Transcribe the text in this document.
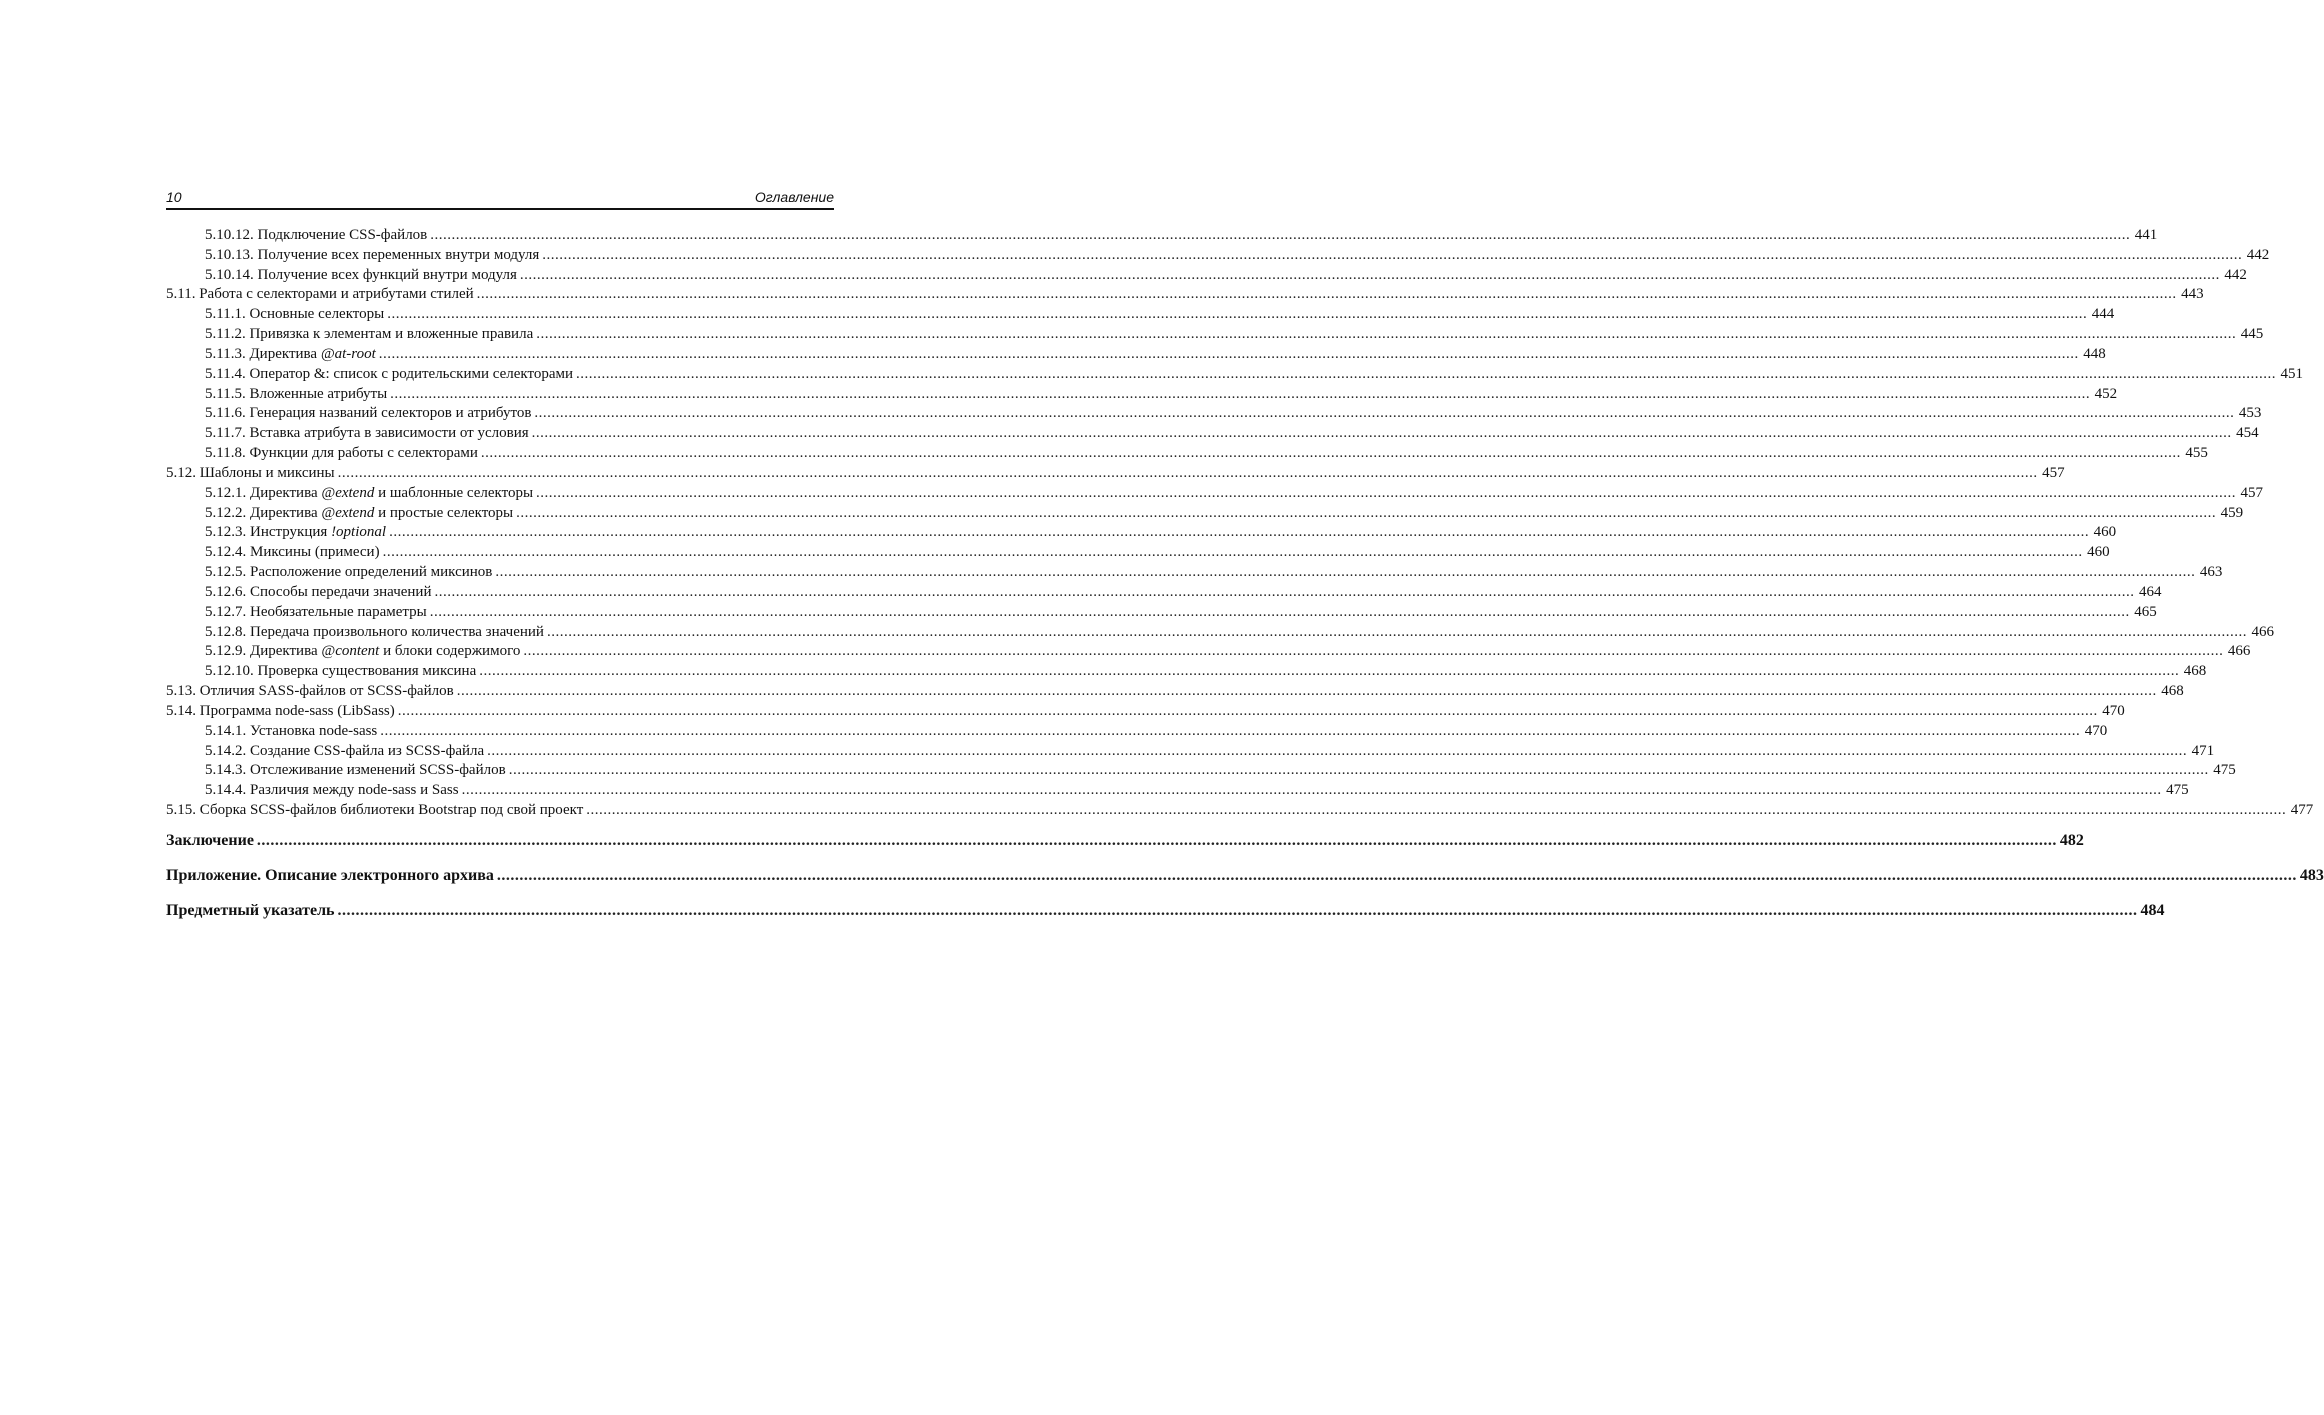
10	Оглавление
5.10.12. Подключение CSS-файлов ................................................................................................................................................................................................................................................................................................................................................................................................................ 441
5.10.13. Получение всех переменных внутри модуля ................................................................................................................................................................................................................................................................................................................................................................................................................ 442
5.10.14. Получение всех функций внутри модуля ................................................................................................................................................................................................................................................................................................................................................................................................................ 442
5.11. Работа с селекторами и атрибутами стилей ................................................................................................................................................................................................................................................................................................................................................................................................................ 443
5.11.1. Основные селекторы ................................................................................................................................................................................................................................................................................................................................................................................................................ 444
5.11.2. Привязка к элементам и вложенные правила ................................................................................................................................................................................................................................................................................................................................................................................................................ 445
5.11.3. Директива @at-root ................................................................................................................................................................................................................................................................................................................................................................................................................ 448
5.11.4. Оператор &: список с родительскими селекторами ................................................................................................................................................................................................................................................................................................................................................................................................................ 451
5.11.5. Вложенные атрибуты ................................................................................................................................................................................................................................................................................................................................................................................................................ 452
5.11.6. Генерация названий селекторов и атрибутов ................................................................................................................................................................................................................................................................................................................................................................................................................ 453
5.11.7. Вставка атрибута в зависимости от условия ................................................................................................................................................................................................................................................................................................................................................................................................................ 454
5.11.8. Функции для работы с селекторами ................................................................................................................................................................................................................................................................................................................................................................................................................ 455
5.12. Шаблоны и миксины ................................................................................................................................................................................................................................................................................................................................................................................................................ 457
5.12.1. Директива @extend и шаблонные селекторы ................................................................................................................................................................................................................................................................................................................................................................................................................ 457
5.12.2. Директива @extend и простые селекторы ................................................................................................................................................................................................................................................................................................................................................................................................................ 459
5.12.3. Инструкция !optional ................................................................................................................................................................................................................................................................................................................................................................................................................ 460
5.12.4. Миксины (примеси) ................................................................................................................................................................................................................................................................................................................................................................................................................ 460
5.12.5. Расположение определений миксинов ................................................................................................................................................................................................................................................................................................................................................................................................................ 463
5.12.6. Способы передачи значений ................................................................................................................................................................................................................................................................................................................................................................................................................ 464
5.12.7. Необязательные параметры ................................................................................................................................................................................................................................................................................................................................................................................................................ 465
5.12.8. Передача произвольного количества значений ................................................................................................................................................................................................................................................................................................................................................................................................................ 466
5.12.9. Директива @content и блоки содержимого ................................................................................................................................................................................................................................................................................................................................................................................................................ 466
5.12.10. Проверка существования миксина ................................................................................................................................................................................................................................................................................................................................................................................................................ 468
5.13. Отличия SASS-файлов от SCSS-файлов ................................................................................................................................................................................................................................................................................................................................................................................................................ 468
5.14. Программа node-sass (LibSass) ................................................................................................................................................................................................................................................................................................................................................................................................................ 470
5.14.1. Установка node-sass ................................................................................................................................................................................................................................................................................................................................................................................................................ 470
5.14.2. Создание CSS-файла из SCSS-файла ................................................................................................................................................................................................................................................................................................................................................................................................................ 471
5.14.3. Отслеживание изменений SCSS-файлов ................................................................................................................................................................................................................................................................................................................................................................................................................ 475
5.14.4. Различия между node-sass и Sass ................................................................................................................................................................................................................................................................................................................................................................................................................ 475
5.15. Сборка SCSS-файлов библиотеки Bootstrap под свой проект ................................................................................................................................................................................................................................................................................................................................................................................................................ 477
Заключение ................................................................................................................................................................................................................................................................................................................................................................................................................ 482
Приложение. Описание электронного архива ................................................................................................................................................................................................................................................................................................................................................................................................................ 483
Предметный указатель ................................................................................................................................................................................................................................................................................................................................................................................................................ 484
